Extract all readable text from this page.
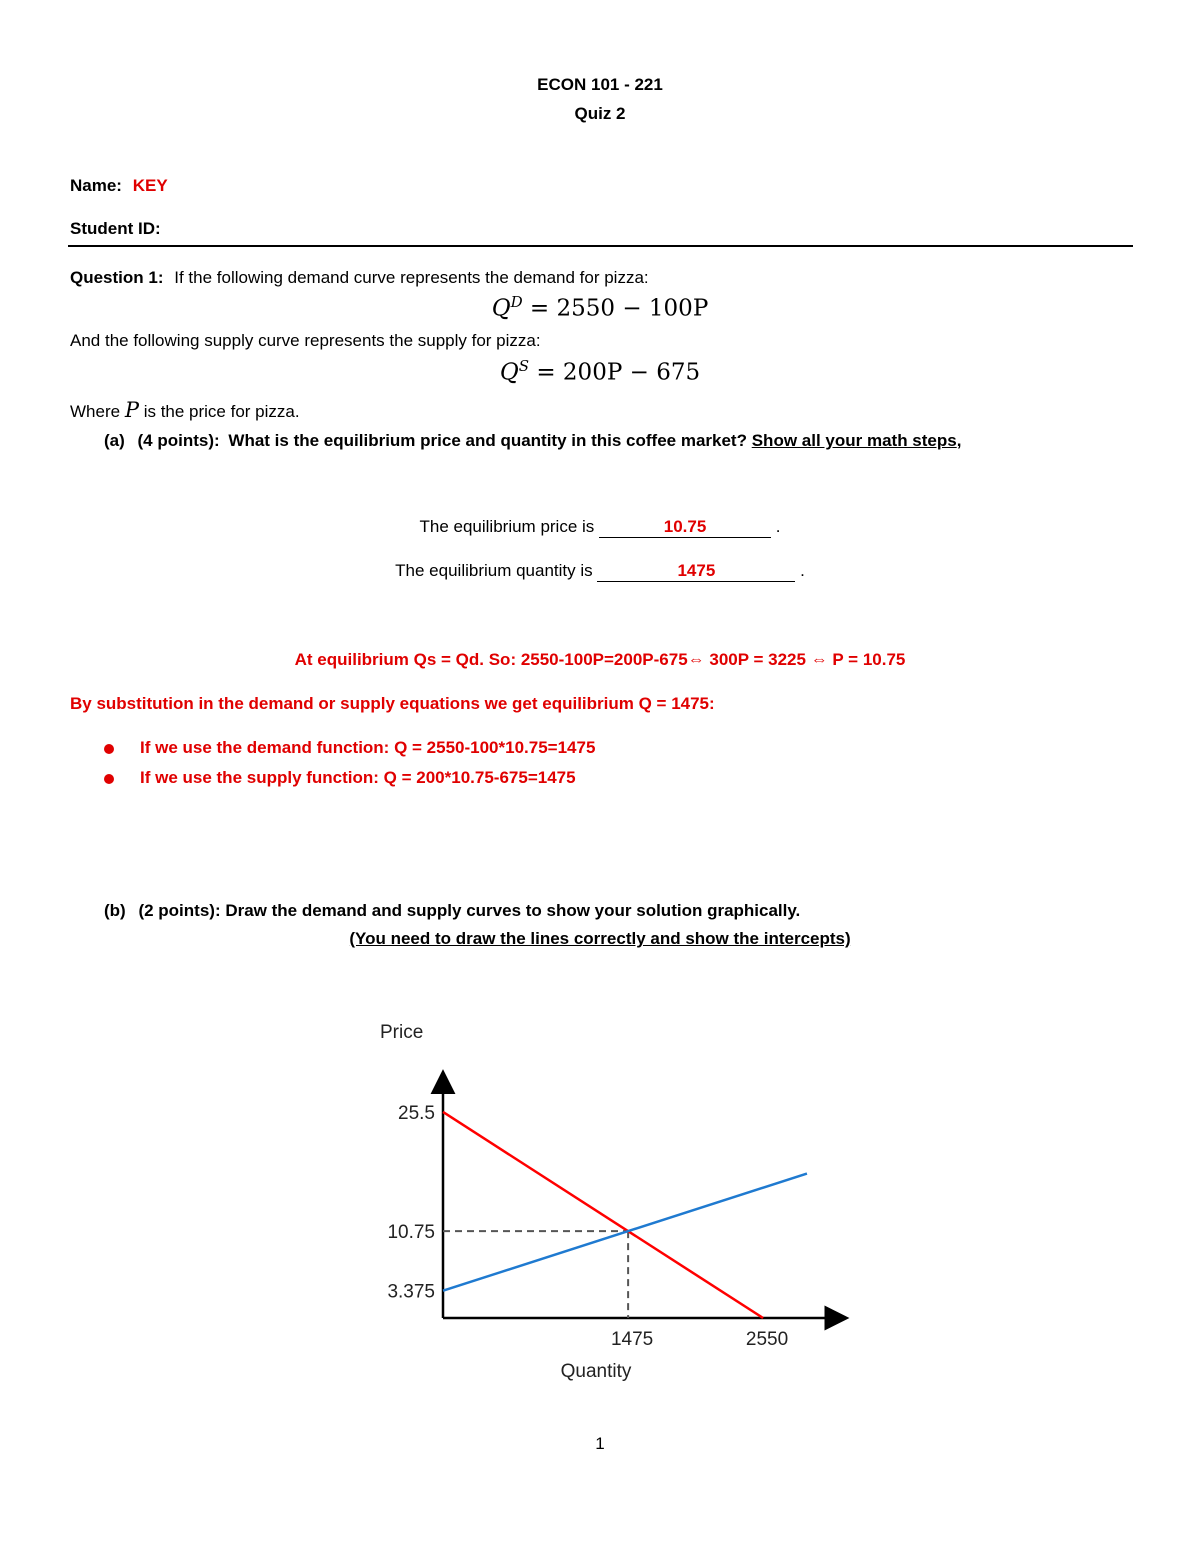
ECON 101 - 221
Quiz 2
Name: KEY
Student ID:
Question 1: If the following demand curve represents the demand for pizza:
$Q^D = 2550 - 100P$
And the following supply curve represents the supply for pizza:
$Q^S = 200P - 675$
Where P is the price for pizza.
(a) (4 points): What is the equilibrium price and quantity in this coffee market? Show all your math steps,
The equilibrium price is	10.75	.
The equilibrium quantity is	1475	.
At equilibrium Qs = Qd. So: 2550-100P=200P-675⇔ 300P = 3225 ⇔ P = 10.75
By substitution in the demand or supply equations we get equilibrium Q = 1475:
If we use the demand function: Q = 2550-100*10.75=1475
If we use the supply function: Q = 200*10.75-675=1475
(b) (2 points): Draw the demand and supply curves to show your solution graphically.
(You need to draw the lines correctly and show the intercepts)
Price
Quantity
3.375
10.75
25.5
1475	2550
1
